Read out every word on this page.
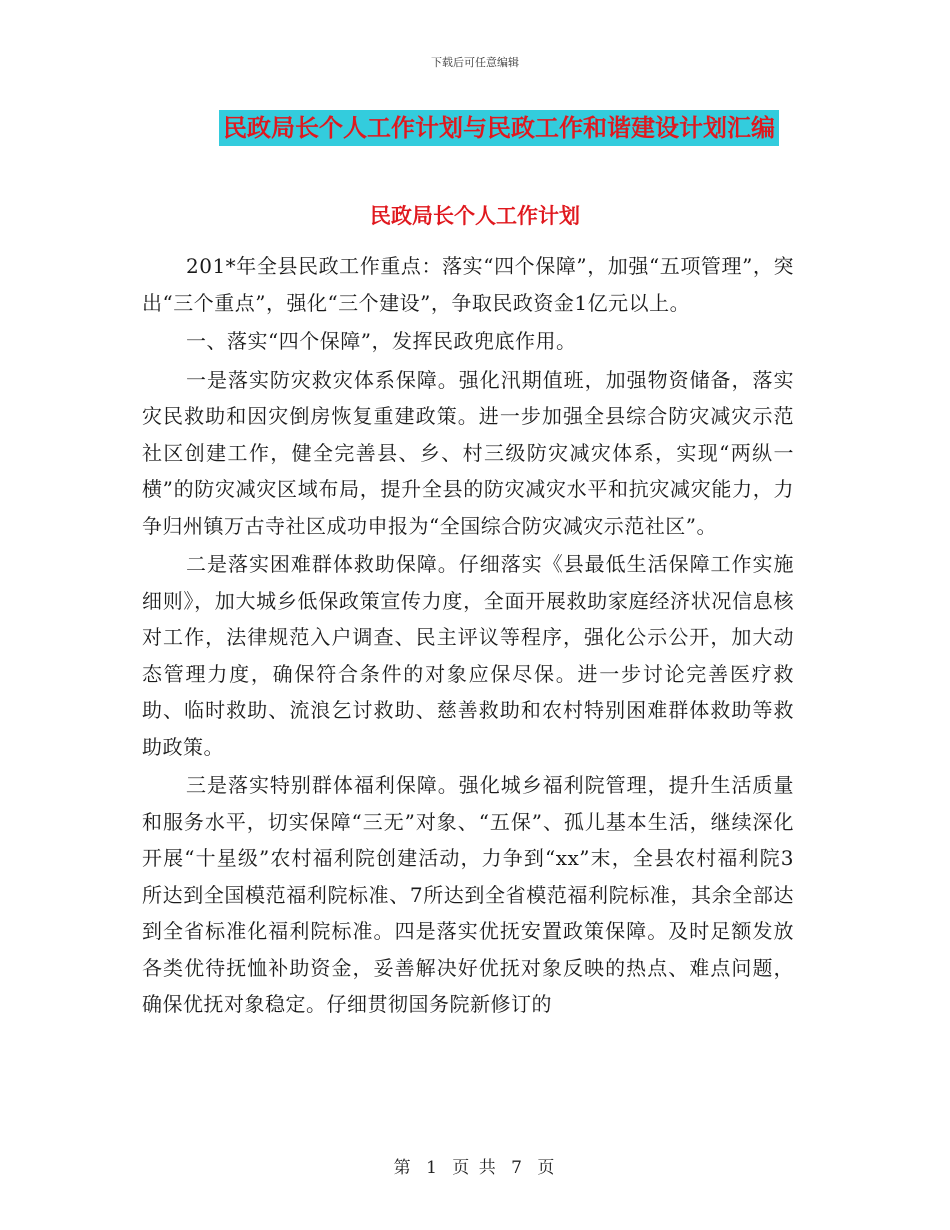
下载后可任意编辑
民政局长个人工作计划与民政工作和谐建设计划汇编
民政局长个人工作计划

201*年全县民政工作重点：落实“四个保障”，加强“五项管理”，突出“三个重点”，强化“三个建设”，争取民政资金1亿元以上。

一、落实“四个保障”，发挥民政兜底作用。

一是落实防灾救灾体系保障。强化汛期值班，加强物资储备，落实灾民救助和因灾倒房恢复重建政策。进一步加强全县综合防灾减灾示范社区创建工作，健全完善县、乡、村三级防灾减灾体系，实现“两纵一横”的防灾减灾区域布局，提升全县的防灾减灾水平和抗灾减灾能力，力争归州镇万古寺社区成功申报为“全国综合防灾减灾示范社区”。

二是落实困难群体救助保障。仔细落实《县最低生活保障工作实施细则》，加大城乡低保政策宣传力度，全面开展救助家庭经济状况信息核对工作，法律规范入户调查、民主评议等程序，强化公示公开，加大动态管理力度，确保符合条件的对象应保尽保。进一步讨论完善医疗救助、临时救助、流浪乞讨救助、慈善救助和农村特别困难群体救助等救助政策。

三是落实特别群体福利保障。强化城乡福利院管理，提升生活质量和服务水平，切实保障“三无”对象、“五保”、孤儿基本生活，继续深化开展“十星级”农村福利院创建活动，力争到“xx”末，全县农村福利院3所达到全国模范福利院标准、7所达到全省模范福利院标准，其余全部达到全省标准化福利院标准。四是落实优抚安置政策保障。及时足额发放各类优待抚恤补助资金，妥善解决好优抚对象反映的热点、难点问题，确保优抚对象稳定。仔细贯彻国务院新修订的

第 1 页 共 7 页
